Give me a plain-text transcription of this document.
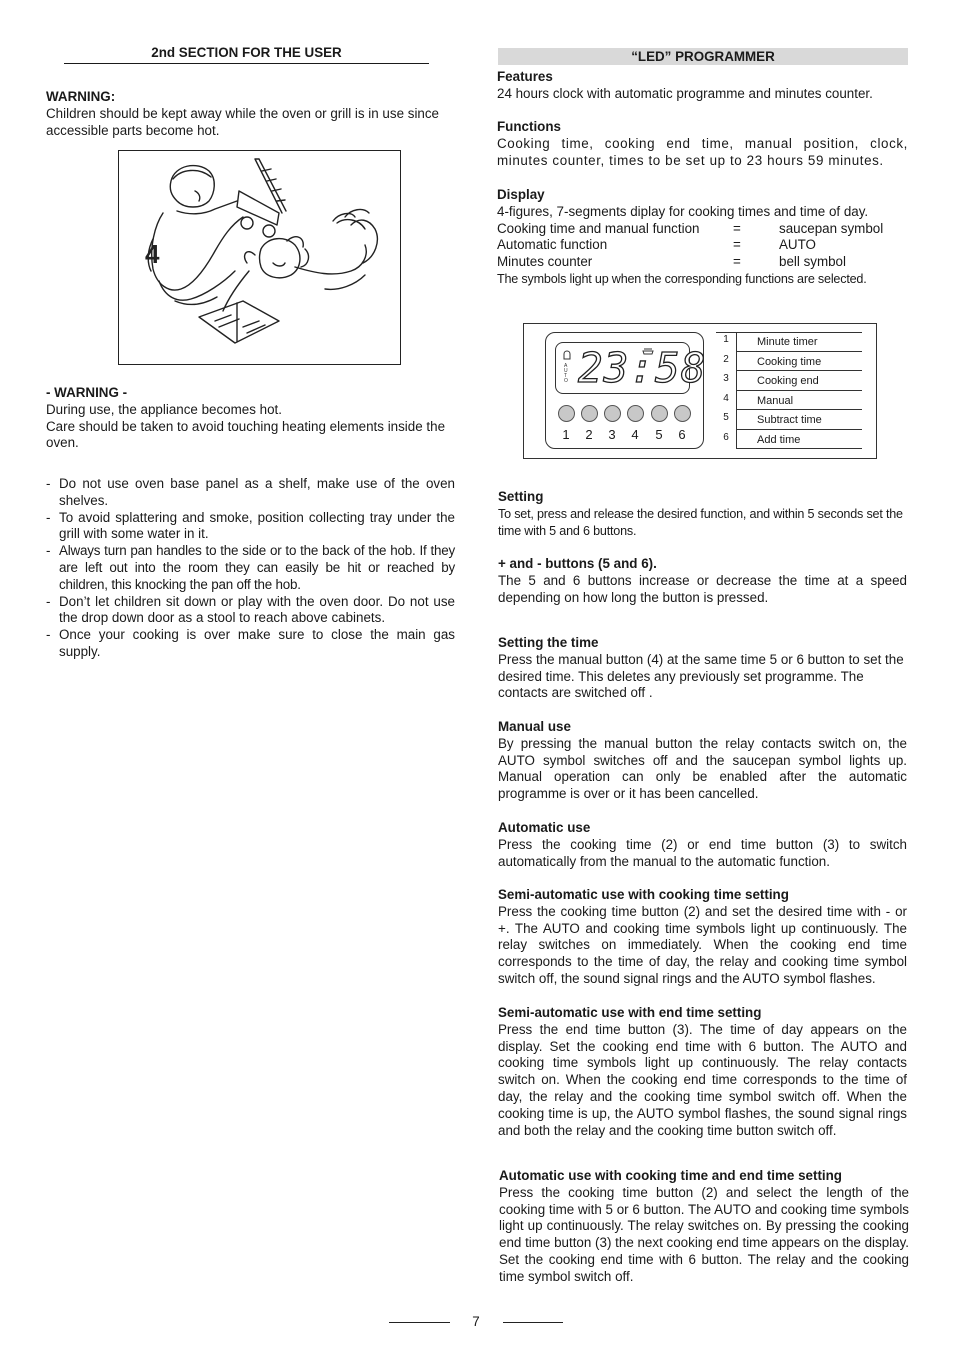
2nd SECTION FOR THE USER

WARNING:

Children should be kept away while the oven or grill is in use since accessible parts become hot.

4

- WARNING -

During use, the appliance becomes hot.

Care should be taken to avoid touching heating elements inside the oven.

- Do not use oven base panel as a shelf, make use of the oven shelves.
- To avoid splattering and smoke, position collecting tray under the grill with some water in it.
- Always turn pan handles to the side or to the back of the hob. If they are left out into the room they can easily be hit or reached by children, this knocking the pan off the hob.
- Don’t let children sit down or play with the oven door. Do not use the drop down door as a stool to reach above cabinets.
- Once your cooking is over make sure to close the main gas supply.
“LED” PROGRAMMER

Features

24 hours clock with automatic programme and minutes counter.

Functions

Cooking time, cooking end time, manual position, clock, minutes counter, times to be set up to 23 hours 59 minutes.

Display

4-figures, 7-segments diplay for cooking times and time of day.

Cooking time and manual function	=	saucepan symbol
Automatic function	=	AUTO
Minutes counter	=	bell symbol

The symbols light up when the corresponding functions are selected.

A
U
T
O 23:58
1	2	3	4	5	6
1	Minute timer
2	Cooking time
3	Cooking end
4	Manual
5	Subtract time
6	Add time

Setting

To set, press and release the desired function, and within 5 seconds set the time with 5 and 6 buttons.

+ and - buttons (5 and 6).

The 5 and 6 buttons increase or decrease the time at a speed depending on how long the button is pressed.

Setting the time

Press the manual button (4) at the same time 5 or 6 button to set the desired time. This deletes any previously set programme. The contacts are switched off .

Manual use

By pressing the manual button the relay contacts switch on, the AUTO symbol switches off and the saucepan symbol lights up. Manual operation can only be enabled after the automatic programme is over or it has been cancelled.

Automatic use

Press the cooking time (2) or end time button (3) to switch automatically from the manual to the automatic function.

Semi-automatic use with cooking time setting

Press the cooking time button (2) and set the desired time with - or +. The AUTO and cooking time symbols light up continuously. The relay switches on immediately. When the cooking end time corresponds to the time of day, the relay and cooking time symbol switch off, the sound signal rings and the AUTO symbol flashes.

Semi-automatic use with end time setting

Press the end time button (3). The time of day appears on the display. Set the cooking end time with 6 button. The AUTO and cooking time symbols light up continuously. The relay contacts switch on. When the cooking end time corresponds to the time of day, the relay and the cooking time symbol switch off. When the cooking time is up, the AUTO symbol flashes, the sound signal rings and both the relay and the cooking time button switch off.

Automatic use with cooking time and end time setting

Press the cooking time button (2) and select the length of the cooking time with 5 or 6 button. The AUTO and cooking time symbols light up continuously. The relay switches on. By pressing the cooking end time button (3) the next cooking end time appears on the display. Set the cooking end time with 6 button. The relay and the cooking time symbol switch off.

7
